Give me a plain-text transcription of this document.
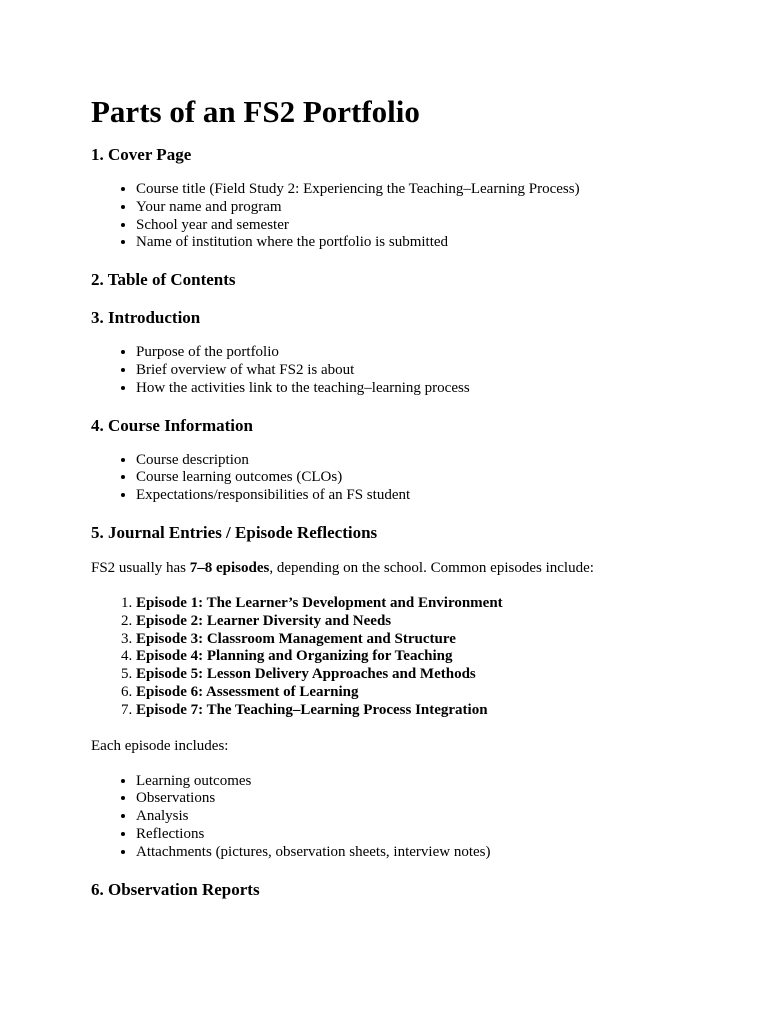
Parts of an FS2 Portfolio
1. Cover Page
• Course title (Field Study 2: Experiencing the Teaching–Learning Process)
• Your name and program
• School year and semester
• Name of institution where the portfolio is submitted
2. Table of Contents
3. Introduction
• Purpose of the portfolio
• Brief overview of what FS2 is about
• How the activities link to the teaching–learning process
4. Course Information
• Course description
• Course learning outcomes (CLOs)
• Expectations/responsibilities of an FS student
5. Journal Entries / Episode Reflections

FS2 usually has 7–8 episodes, depending on the school. Common episodes include:

1. Episode 1: The Learner’s Development and Environment
2. Episode 2: Learner Diversity and Needs
3. Episode 3: Classroom Management and Structure
4. Episode 4: Planning and Organizing for Teaching
5. Episode 5: Lesson Delivery Approaches and Methods
6. Episode 6: Assessment of Learning
7. Episode 7: The Teaching–Learning Process Integration

Each episode includes:

• Learning outcomes
• Observations
• Analysis
• Reflections
• Attachments (pictures, observation sheets, interview notes)
6. Observation Reports
